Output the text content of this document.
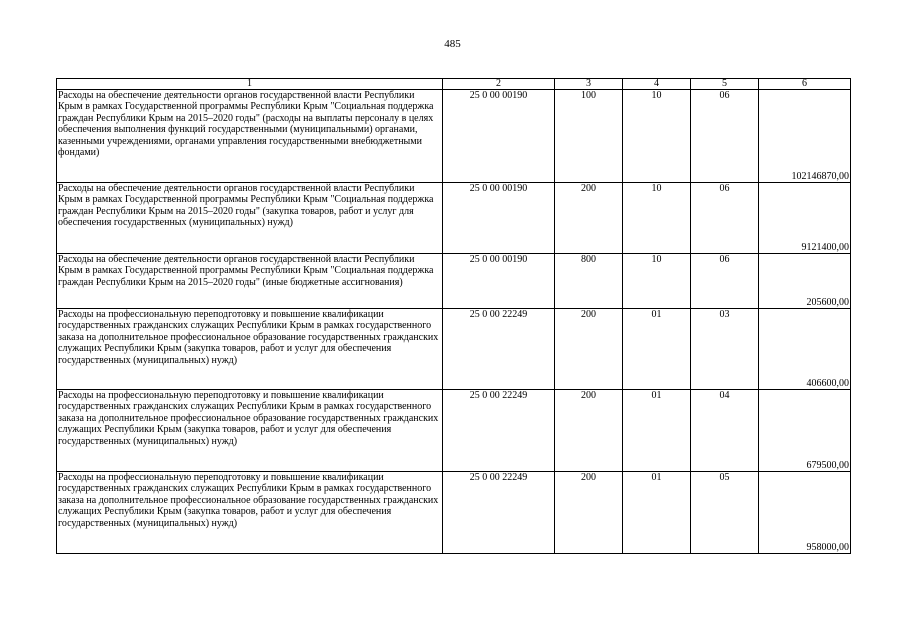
485
1	2	3	4	5	6
Расходы на обеспечение деятельности органов государственной власти Республики Крым в рамках Государственной программы Республики Крым "Социальная поддержка граждан Республики Крым на 2015–2020 годы" (расходы на выплаты персоналу в целях обеспечения выполнения функций государственными (муниципальными) органами, казенными учреждениями, органами управления государственными внебюджетными фондами)	25 0 00 00190	100	10	06	102146870,00
Расходы на обеспечение деятельности органов государственной власти Республики Крым в рамках Государственной программы Республики Крым "Социальная поддержка граждан Республики Крым на 2015–2020 годы" (закупка товаров, работ и услуг для обеспечения государственных (муниципальных) нужд)	25 0 00 00190	200	10	06	9121400,00
Расходы на обеспечение деятельности органов государственной власти Республики Крым в рамках Государственной программы Республики Крым "Социальная поддержка граждан Республики Крым на 2015–2020 годы" (иные бюджетные ассигнования)	25 0 00 00190	800	10	06	205600,00
Расходы на профессиональную переподготовку и повышение квалификации государственных гражданских служащих Республики Крым в рамках государственного заказа на дополнительное профессиональное образование государственных гражданских служащих Республики Крым (закупка товаров, работ и услуг для обеспечения государственных (муниципальных) нужд)	25 0 00 22249	200	01	03	406600,00
Расходы на профессиональную переподготовку и повышение квалификации государственных гражданских служащих Республики Крым в рамках государственного заказа на дополнительное профессиональное образование государственных гражданских служащих Республики Крым (закупка товаров, работ и услуг для обеспечения государственных (муниципальных) нужд)	25 0 00 22249	200	01	04	679500,00
Расходы на профессиональную переподготовку и повышение квалификации государственных гражданских служащих Республики Крым в рамках государственного заказа на дополнительное профессиональное образование государственных гражданских служащих Республики Крым (закупка товаров, работ и услуг для обеспечения государственных (муниципальных) нужд)	25 0 00 22249	200	01	05	958000,00
